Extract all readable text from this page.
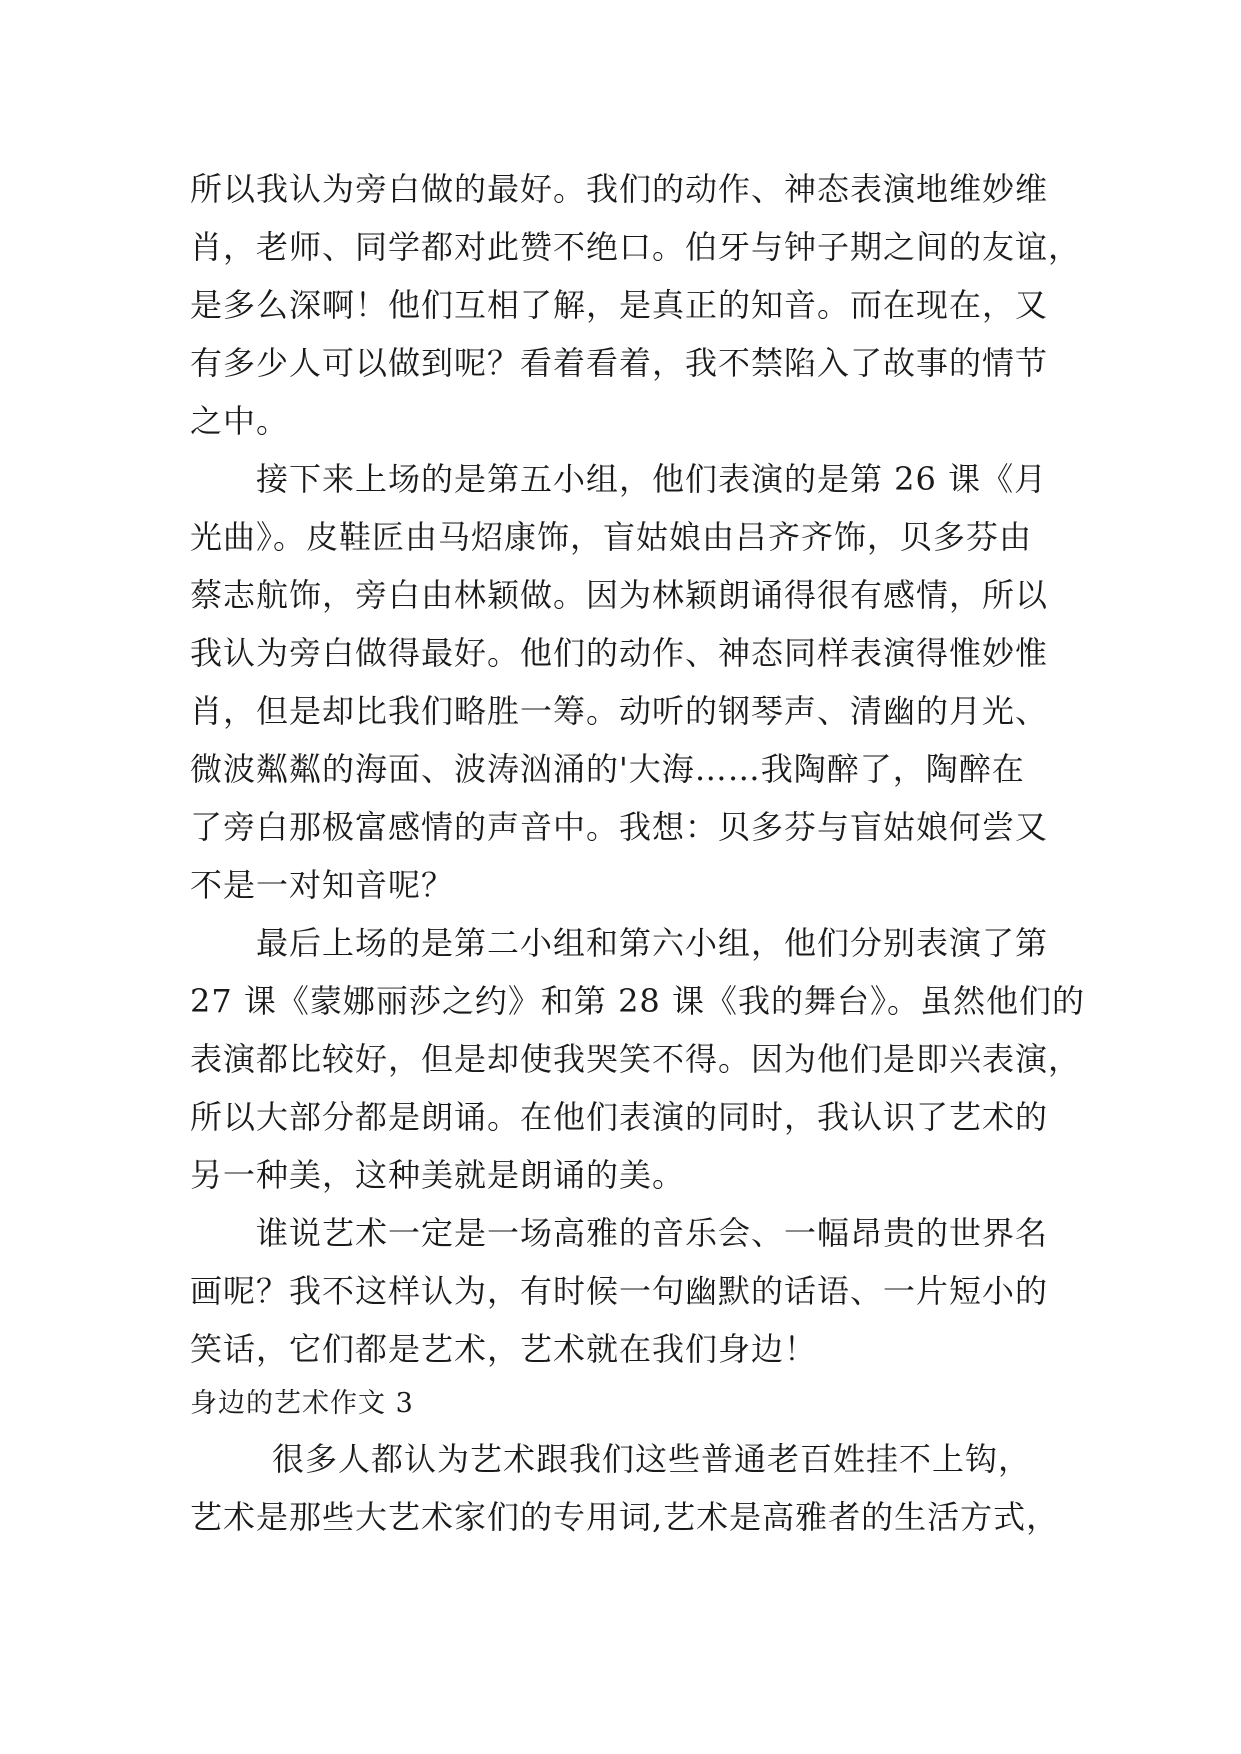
所以我认为旁白做的最好。我们的动作、神态表演地维妙维
肖，老师、同学都对此赞不绝口。伯牙与钟子期之间的友谊，
是多么深啊！他们互相了解，是真正的知音。而在现在，又
有多少人可以做到呢？看着看着，我不禁陷入了故事的情节
之中。
接下来上场的是第五小组，他们表演的是第 26 课《月
光曲》。皮鞋匠由马炤康饰，盲姑娘由吕齐齐饰，贝多芬由
蔡志航饰，旁白由林颖做。因为林颖朗诵得很有感情，所以
我认为旁白做得最好。他们的动作、神态同样表演得惟妙惟
肖，但是却比我们略胜一筹。动听的钢琴声、清幽的月光、
微波粼粼的海面、波涛汹涌的'大海……我陶醉了，陶醉在
了旁白那极富感情的声音中。我想：贝多芬与盲姑娘何尝又
不是一对知音呢？
最后上场的是第二小组和第六小组，他们分别表演了第
27 课《蒙娜丽莎之约》和第 28 课《我的舞台》。虽然他们的
表演都比较好，但是却使我哭笑不得。因为他们是即兴表演，
所以大部分都是朗诵。在他们表演的同时，我认识了艺术的
另一种美，这种美就是朗诵的美。
谁说艺术一定是一场高雅的音乐会、一幅昂贵的世界名
画呢？我不这样认为，有时候一句幽默的话语、一片短小的
笑话，它们都是艺术，艺术就在我们身边！
身边的艺术作文 3
很多人都认为艺术跟我们这些普通老百姓挂不上钩，
艺术是那些大艺术家们的专用词,艺术是高雅者的生活方式，
